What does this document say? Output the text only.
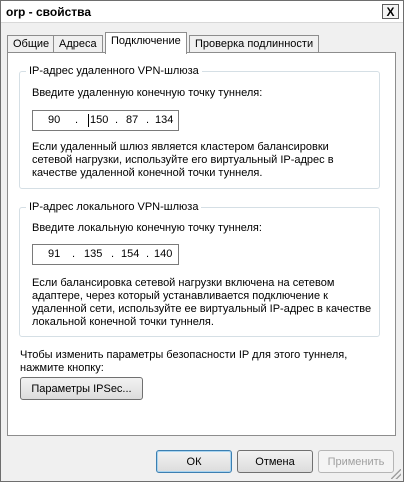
orp - свойства	X
Общие Адреса	Подключение	Проверка подлинности
IP-адрес удаленного VPN-шлюза
Введите удаленную конечную точку туннеля:
90 . 150 . 87 . 134
Если удаленный шлюз является кластером балансировки сетевой нагрузки, используйте его виртуальный IP-адрес в качестве удаленной конечной точки туннеля.
IP-адрес локального VPN-шлюза
Введите локальную конечную точку туннеля:
91 . 135 . 154 . 140
Если балансировка сетевой нагрузки включена на сетевом адаптере, через который устанавливается подключение к удаленной сети, используйте ее виртуальный IP-адрес в качестве локальной конечной точки туннеля.
Чтобы изменить параметры безопасности IP для этого туннеля, нажмите кнопку:
Параметры IPSec...
ОК	Отмена	Применить
